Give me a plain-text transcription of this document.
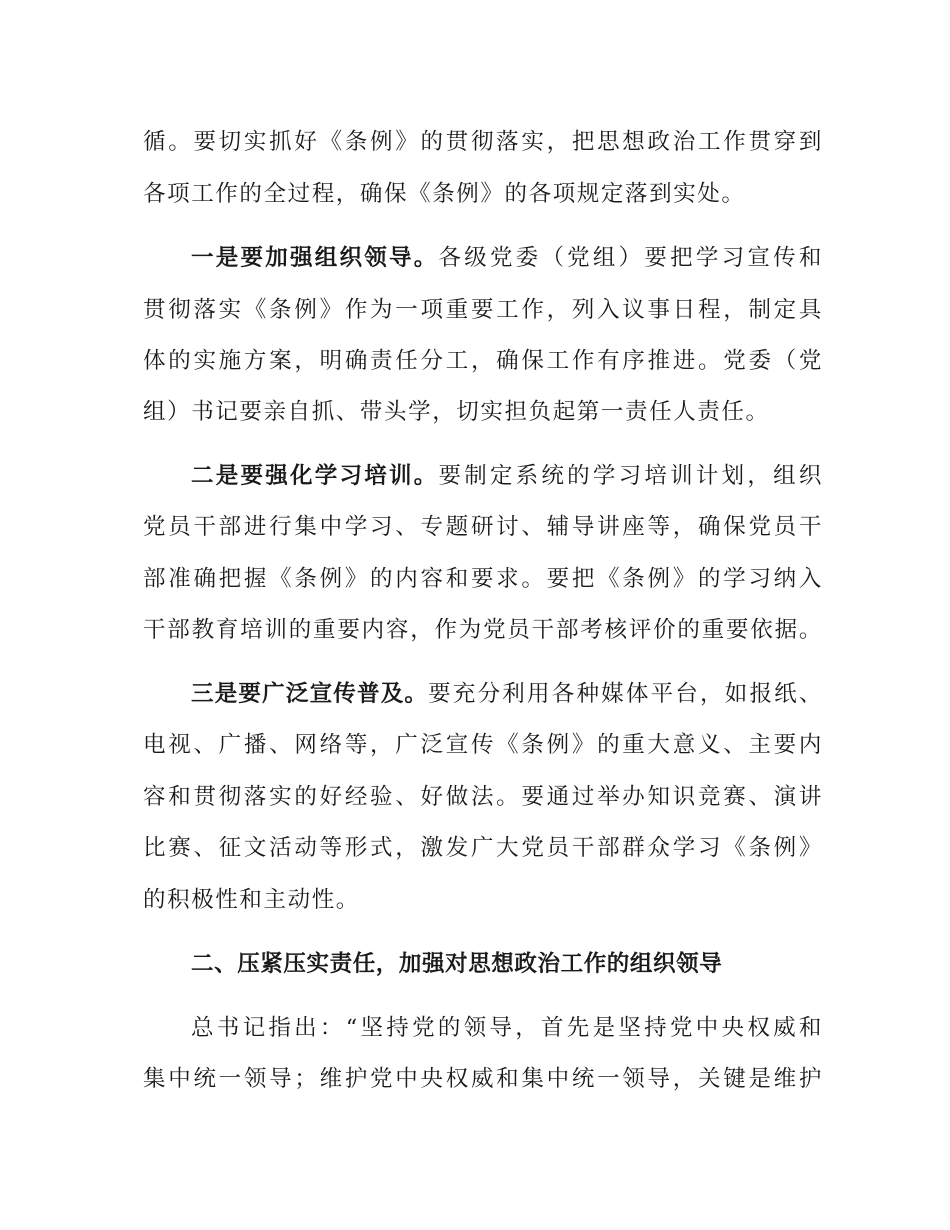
循。要切实抓好《条例》的贯彻落实，把思想政治工作贯穿到

各项工作的全过程，确保《条例》的各项规定落到实处。

一是要加强组织领导。各级党委（党组）要把学习宣传和

贯彻落实《条例》作为一项重要工作，列入议事日程，制定具

体的实施方案，明确责任分工，确保工作有序推进。党委（党

组）书记要亲自抓、带头学，切实担负起第一责任人责任。

二是要强化学习培训。要制定系统的学习培训计划，组织

党员干部进行集中学习、专题研讨、辅导讲座等，确保党员干

部准确把握《条例》的内容和要求。要把《条例》的学习纳入

干部教育培训的重要内容，作为党员干部考核评价的重要依据。

三是要广泛宣传普及。要充分利用各种媒体平台，如报纸、

电视、广播、网络等，广泛宣传《条例》的重大意义、主要内

容和贯彻落实的好经验、好做法。要通过举办知识竞赛、演讲

比赛、征文活动等形式，激发广大党员干部群众学习《条例》

的积极性和主动性。

二、压紧压实责任，加强对思想政治工作的组织领导

总书记指出：“坚持党的领导，首先是坚持党中央权威和

集中统一领导；维护党中央权威和集中统一领导，关键是维护
